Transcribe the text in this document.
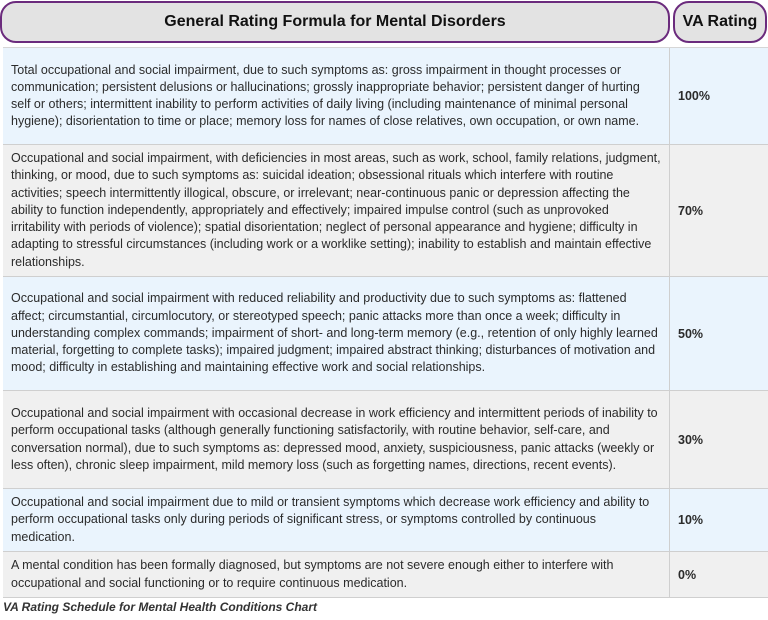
General Rating Formula for Mental Disorders	VA Rating
Total occupational and social impairment, due to such symptoms as: gross impairment in thought processes or communication; persistent delusions or hallucinations; grossly inappropriate behavior; persistent danger of hurting self or others; intermittent inability to perform activities of daily living (including maintenance of minimal personal hygiene); disorientation to time or place; memory loss for names of close relatives, own occupation, or own name.
100%
Occupational and social impairment, with deficiencies in most areas, such as work, school, family relations, judgment, thinking, or mood, due to such symptoms as: suicidal ideation; obsessional rituals which interfere with routine activities; speech intermittently illogical, obscure, or irrelevant; near-continuous panic or depression affecting the ability to function independently, appropriately and effectively; impaired impulse control (such as unprovoked irritability with periods of violence); spatial disorientation; neglect of personal appearance and hygiene; difficulty in adapting to stressful circumstances (including work or a worklike setting); inability to establish and maintain effective relationships.
70%
Occupational and social impairment with reduced reliability and productivity due to such symptoms as: flattened affect; circumstantial, circumlocutory, or stereotyped speech; panic attacks more than once a week; difficulty in understanding complex commands; impairment of short- and long-term memory (e.g., retention of only highly learned material, forgetting to complete tasks); impaired judgment; impaired abstract thinking; disturbances of motivation and mood; difficulty in establishing and maintaining effective work and social relationships.
50%
Occupational and social impairment with occasional decrease in work efficiency and intermittent periods of inability to perform occupational tasks (although generally functioning satisfactorily, with routine behavior, self-care, and conversation normal), due to such symptoms as: depressed mood, anxiety, suspiciousness, panic attacks (weekly or less often), chronic sleep impairment, mild memory loss (such as forgetting names, directions, recent events).
30%
Occupational and social impairment due to mild or transient symptoms which decrease work efficiency and ability to perform occupational tasks only during periods of significant stress, or symptoms controlled by continuous medication.
10%
A mental condition has been formally diagnosed, but symptoms are not severe enough either to interfere with occupational and social functioning or to require continuous medication.
0%
VA Rating Schedule for Mental Health Conditions Chart
